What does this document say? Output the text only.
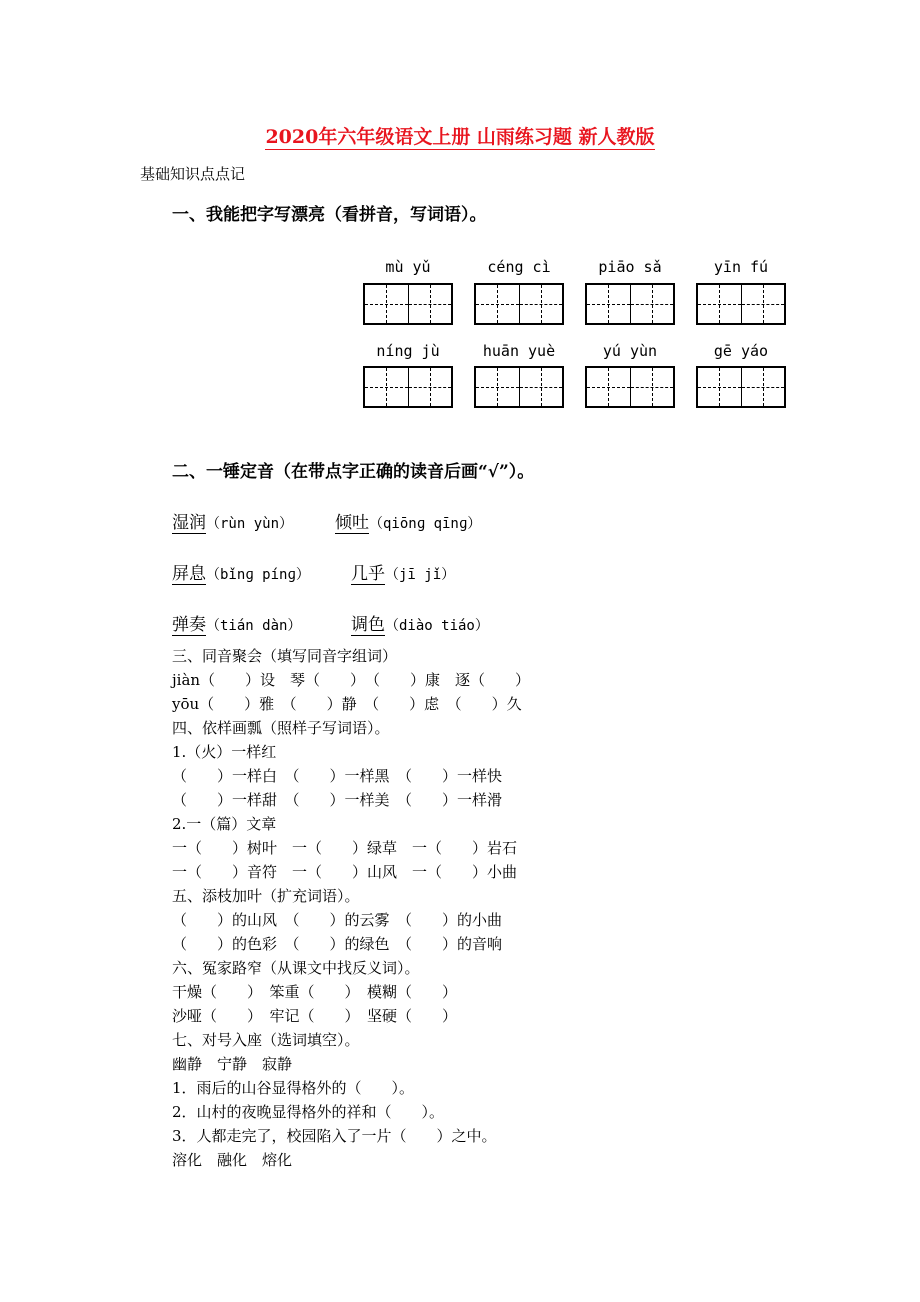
2020年六年级语文上册 山雨练习题 新人教版
基础知识点点记
一、我能把字写漂亮（看拼音，写词语）。
mù yǔ	céng cì	piāo sǎ	yīn fú
níng jù	huān yuè	yú yùn	gē yáo
二、一锤定音（在带点字正确的读音后画“√”）。
湿润（rùn yùn） 倾吐（qiōnɡ qīnɡ）
屏息（bǐnɡ pínɡ） 几乎（jī jǐ）
弹奏（tián dàn）	调色（diào tiáo）
三、同音聚会（填写同音字组词）
jiàn（　　）设　琴（　　）　（　　）康　逐（　　）
yōu（　　）雅　（　　）静　（　　）虑　（　　）久
四、依样画瓢（照样子写词语）。
1.（火）一样红
（　　）一样白　（　　）一样黑　（　　）一样快
（　　）一样甜　（　　）一样美　（　　）一样滑
2.一（篇）文章
一（　　）树叶　一（　　）绿草　一（　　）岩石
一（　　）音符　一（　　）山风　一（　　）小曲
五、添枝加叶（扩充词语）。
（　　）的山风　（　　）的云雾　（　　）的小曲
（　　）的色彩　（　　）的绿色　（　　）的音响
六、冤家路窄（从课文中找反义词）。
干燥（　　）　笨重（　　）　模糊（　　）
沙哑（　　）　牢记（　　）　坚硬（　　）
七、对号入座（选词填空）。
幽静　宁静　寂静
1．雨后的山谷显得格外的（　　）。
2．山村的夜晚显得格外的祥和（　　）。
3．人都走完了，校园陷入了一片（　　）之中。
溶化　融化　熔化
